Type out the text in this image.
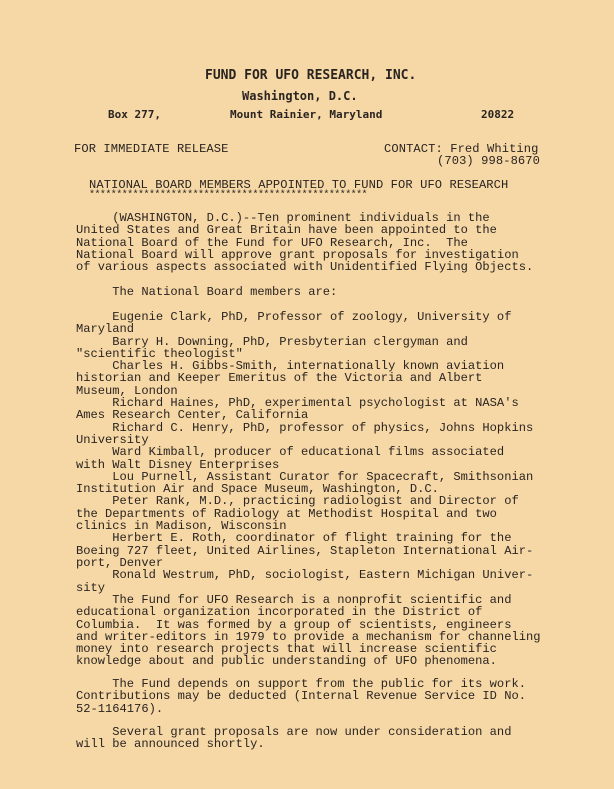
FUND FOR UFO RESEARCH, INC.
Washington, D.C.
Box 277,	Mount Rainier, Maryland	20822
FOR IMMEDIATE RELEASE	CONTACT: Fred Whiting
(703) 998-8670
NATIONAL BOARD MEMBERS APPOINTED TO FUND FOR UFO RESEARCH
***************************************************
(WASHINGTON, D.C.)--Ten prominent individuals in the
United States and Great Britain have been appointed to the
National Board of the Fund for UFO Research, Inc.  The
National Board will approve grant proposals for investigation
of various aspects associated with Unidentified Flying Objects.
The National Board members are:
Eugenie Clark, PhD, Professor of zoology, University of
Maryland
Barry H. Downing, PhD, Presbyterian clergyman and
"scientific theologist"
Charles H. Gibbs-Smith, internationally known aviation
historian and Keeper Emeritus of the Victoria and Albert
Museum, London
Richard Haines, PhD, experimental psychologist at NASA's
Ames Research Center, California
Richard C. Henry, PhD, professor of physics, Johns Hopkins
University
Ward Kimball, producer of educational films associated
with Walt Disney Enterprises
Lou Purnell, Assistant Curator for Spacecraft, Smithsonian
Institution Air and Space Museum, Washington, D.C.
Peter Rank, M.D., practicing radiologist and Director of
the Departments of Radiology at Methodist Hospital and two
clinics in Madison, Wisconsin
Herbert E. Roth, coordinator of flight training for the
Boeing 727 fleet, United Airlines, Stapleton International Air-
port, Denver
Ronald Westrum, PhD, sociologist, Eastern Michigan Univer-
sity
The Fund for UFO Research is a nonprofit scientific and
educational organization incorporated in the District of
Columbia.  It was formed by a group of scientists, engineers
and writer-editors in 1979 to provide a mechanism for channeling
money into research projects that will increase scientific
knowledge about and public understanding of UFO phenomena.
The Fund depends on support from the public for its work.
Contributions may be deducted (Internal Revenue Service ID No.
52-1164176).
Several grant proposals are now under consideration and
will be announced shortly.
